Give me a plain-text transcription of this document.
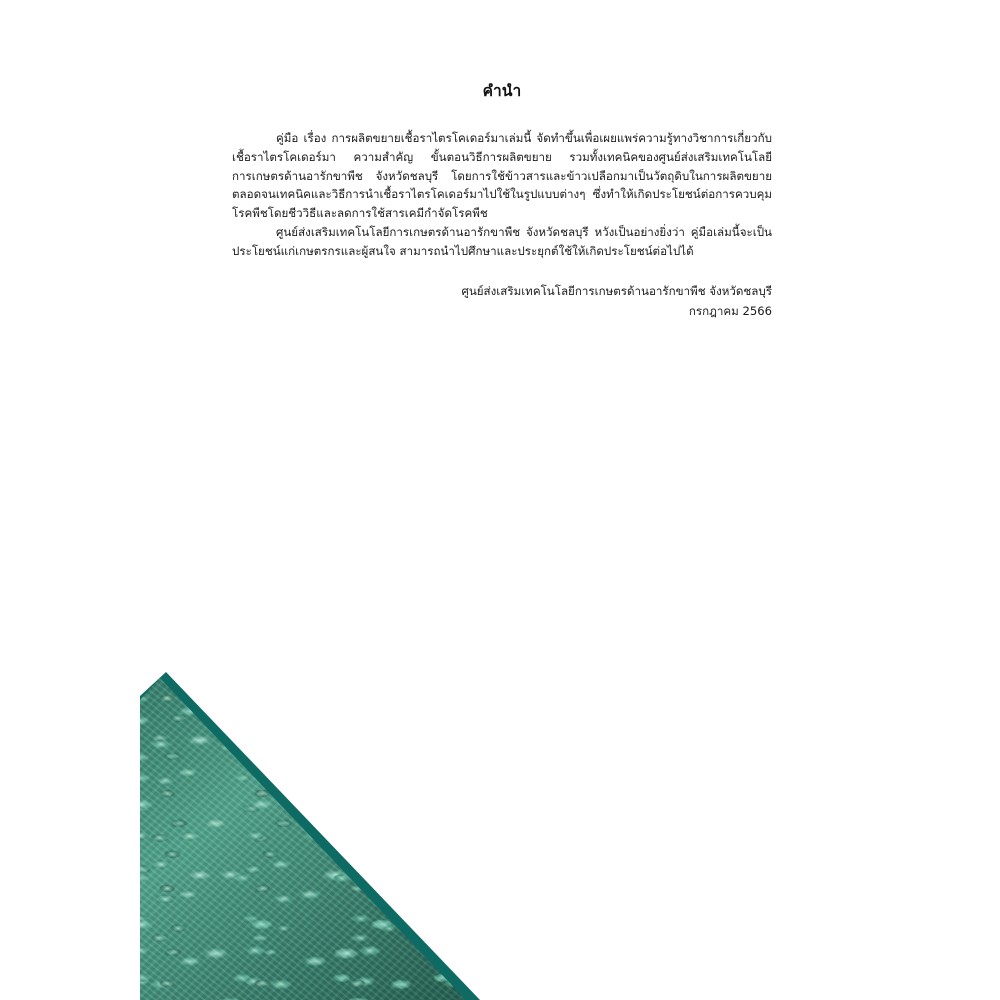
คำนำ

คู่มือ เรื่อง การผลิตขยายเชื้อราไตรโคเดอร์มาเล่มนี้ จัดทำขึ้นเพื่อเผยแพร่ความรู้ทางวิชาการเกี่ยวกับเชื้อราไตรโคเดอร์มา ความสำคัญ ขั้นตอนวิธีการผลิตขยาย รวมทั้งเทคนิคของศูนย์ส่งเสริมเทคโนโลยีการเกษตรด้านอารักขาพืช จังหวัดชลบุรี โดยการใช้ข้าวสารและข้าวเปลือกมาเป็นวัตถุดิบในการผลิตขยาย ตลอดจนเทคนิคและวิธีการนำเชื้อราไตรโคเดอร์มาไปใช้ในรูปแบบต่างๆ ซึ่งทำให้เกิดประโยชน์ต่อการควบคุมโรคพืชโดยชีววิธีและลดการใช้สารเคมีกำจัดโรคพืช

ศูนย์ส่งเสริมเทคโนโลยีการเกษตรด้านอารักขาพืช จังหวัดชลบุรี หวังเป็นอย่างยิ่งว่า คู่มือเล่มนี้จะเป็นประโยชน์แก่เกษตรกรและผู้สนใจ สามารถนำไปศึกษาและประยุกต์ใช้ให้เกิดประโยชน์ต่อไปได้

ศูนย์ส่งเสริมเทคโนโลยีการเกษตรด้านอารักขาพืช จังหวัดชลบุรี
กรกฎาคม 2566
